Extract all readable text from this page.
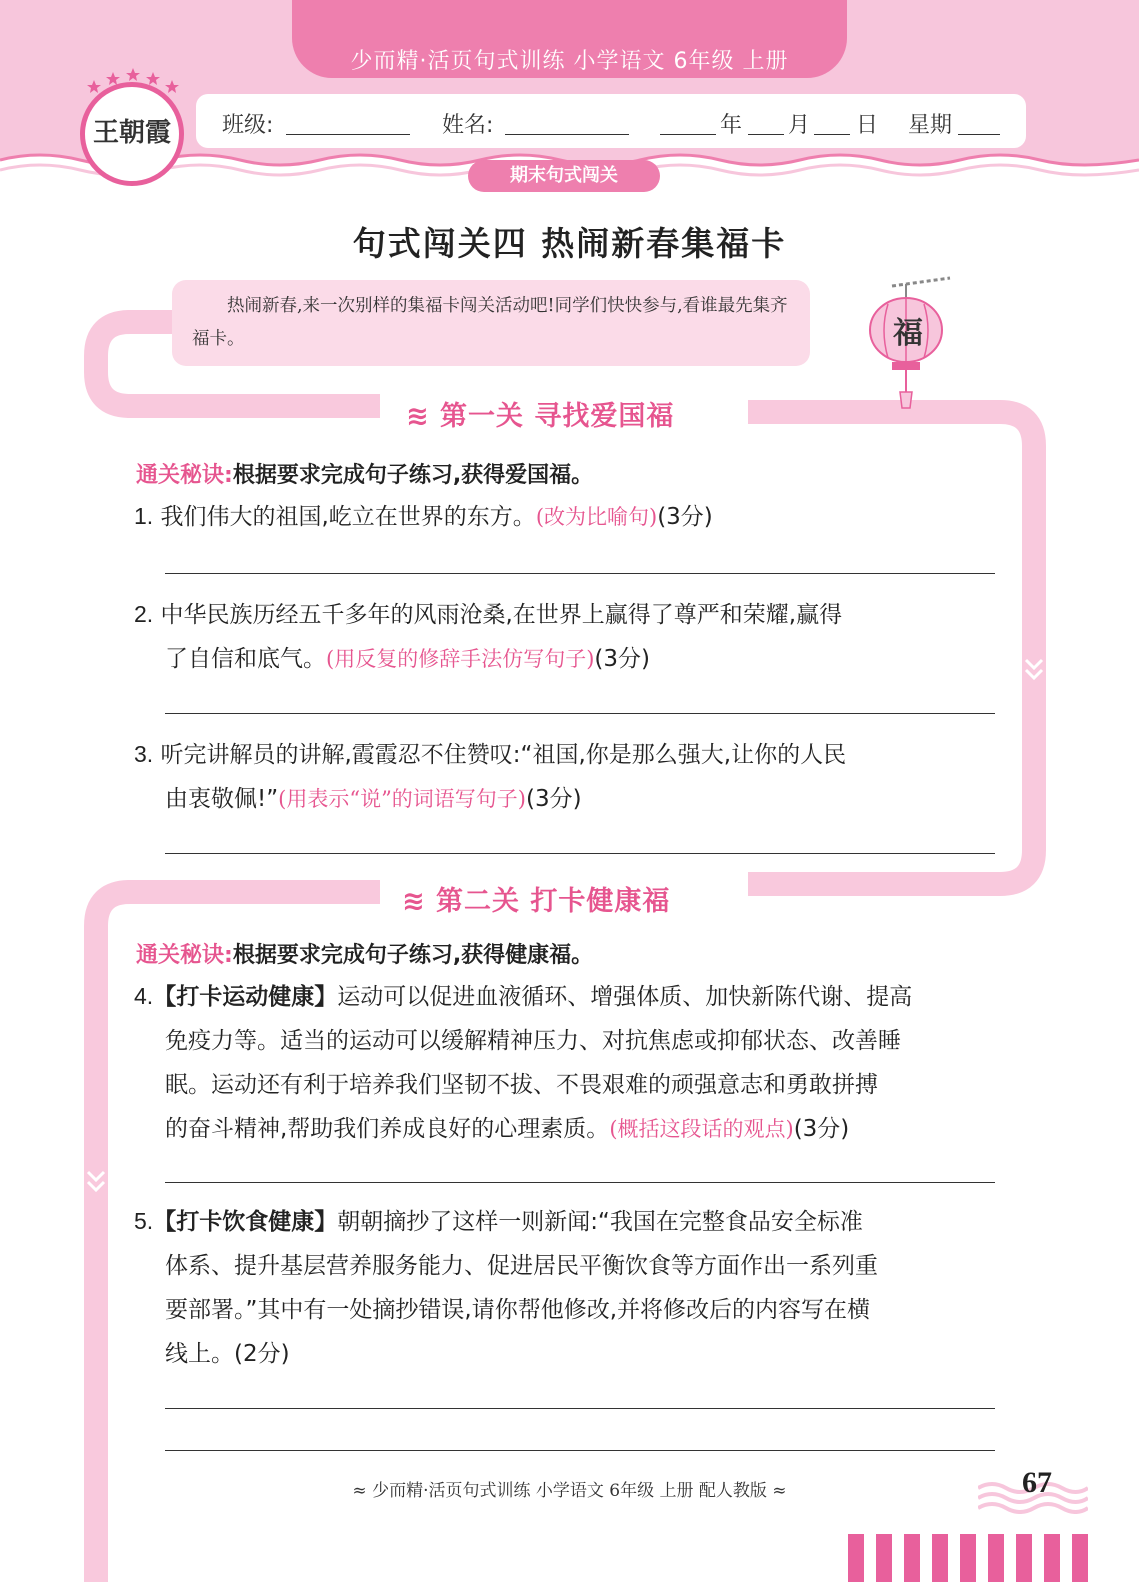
少而精·活页句式训练 小学语文 6年级 上册
班级:	姓名:	年 月 日 星期
期末句式闯关
王朝霞
句式闯关四 热闹新春集福卡
热闹新春,来一次别样的集福卡闯关活动吧!同学们快快参与,看谁最先集齐福卡。	福
≋ 第一关 寻找爱国福
通关秘诀:根据要求完成句子练习,获得爱国福。
1. 我们伟大的祖国,屹立在世界的东方。(改为比喻句)(3分)
2. 中华民族历经五千多年的风雨沧桑,在世界上赢得了尊严和荣耀,赢得
了自信和底气。(用反复的修辞手法仿写句子)(3分)
3. 听完讲解员的讲解,霞霞忍不住赞叹:“祖国,你是那么强大,让你的人民
由衷敬佩!”(用表示“说”的词语写句子)(3分)
≋ 第二关 打卡健康福
通关秘诀:根据要求完成句子练习,获得健康福。
4.【打卡运动健康】运动可以促进血液循环、增强体质、加快新陈代谢、提高
免疫力等。适当的运动可以缓解精神压力、对抗焦虑或抑郁状态、改善睡
眠。运动还有利于培养我们坚韧不拔、不畏艰难的顽强意志和勇敢拼搏
的奋斗精神,帮助我们养成良好的心理素质。(概括这段话的观点)(3分)
5.【打卡饮食健康】朝朝摘抄了这样一则新闻:“我国在完整食品安全标准
体系、提升基层营养服务能力、促进居民平衡饮食等方面作出一系列重
要部署。”其中有一处摘抄错误,请你帮他修改,并将修改后的内容写在横
线上。(2分)
≈ 少而精·活页句式训练 小学语文 6年级 上册 配人教版 ≈	67
